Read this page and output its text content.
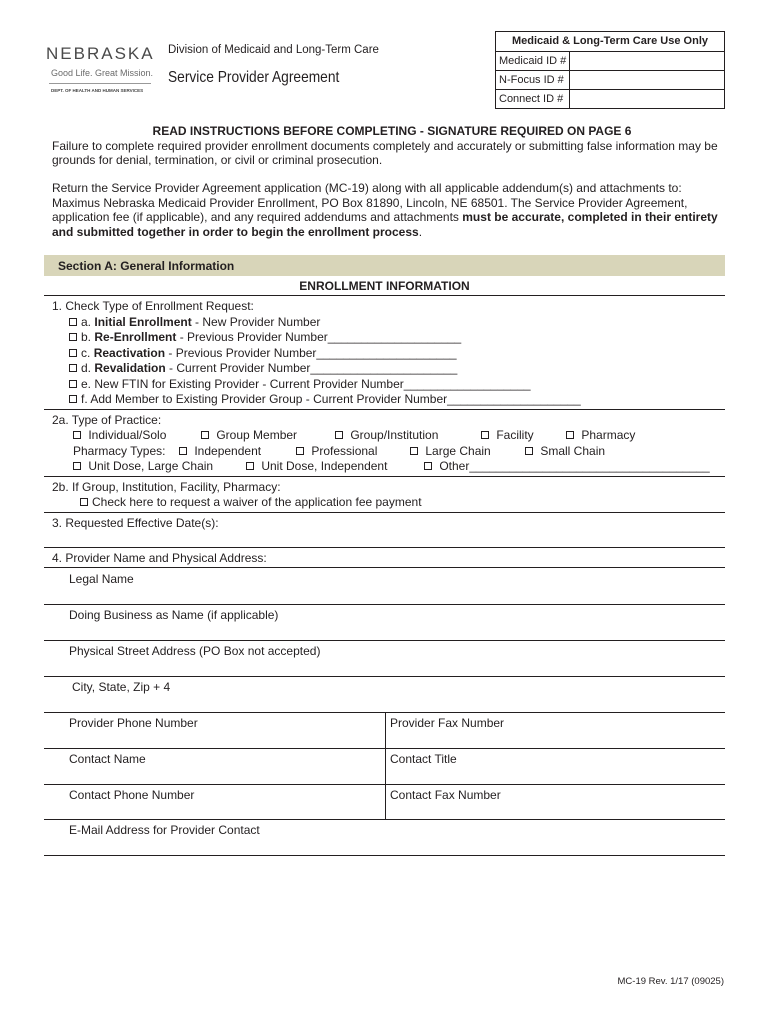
NEBRASKA
Good Life. Great Mission.
DEPT. OF HEALTH AND HUMAN SERVICES
Division of Medicaid and Long-Term Care
Service Provider Agreement
Medicaid & Long-Term Care Use Only
Medicaid ID #
N-Focus ID #
Connect ID #
READ INSTRUCTIONS BEFORE COMPLETING - SIGNATURE REQUIRED ON PAGE 6
Failure to complete required provider enrollment documents completely and accurately or submitting false information may be grounds for denial, termination, or civil or criminal prosecution.
Return the Service Provider Agreement application (MC-19) along with all applicable addendum(s) and attachments to: Maximus Nebraska Medicaid Provider Enrollment, PO Box 81890, Lincoln, NE 68501. The Service Provider Agreement, application fee (if applicable), and any required addendums and attachments must be accurate, completed in their entirety and submitted together in order to begin the enrollment process.
Section A: General Information
ENROLLMENT INFORMATION
1. Check Type of Enrollment Request:
a. Initial Enrollment - New Provider Number
b. Re-Enrollment - Previous Provider Number____________________
c. Reactivation - Previous Provider Number_____________________
d. Revalidation - Current Provider Number______________________
e. New FTIN for Existing Provider - Current Provider Number___________________
f. Add Member to Existing Provider Group - Current Provider Number____________________
2a. Type of Practice:
Individual/Solo	Group Member	Group/Institution	Facility	Pharmacy
Pharmacy Types:	Independent	Professional	Large Chain	Small Chain
Unit Dose, Large Chain	Unit Dose, Independent	Other____________________________________
2b. If Group, Institution, Facility, Pharmacy:
Check here to request a waiver of the application fee payment
3. Requested Effective Date(s):
4. Provider Name and Physical Address:
Legal Name
Doing Business as Name (if applicable)
Physical Street Address (PO Box not accepted)
City, State, Zip + 4
Provider Phone Number	Provider Fax Number
Contact Name	Contact Title
Contact Phone Number	Contact Fax Number
E-Mail Address for Provider Contact
MC-19 Rev. 1/17 (09025)
